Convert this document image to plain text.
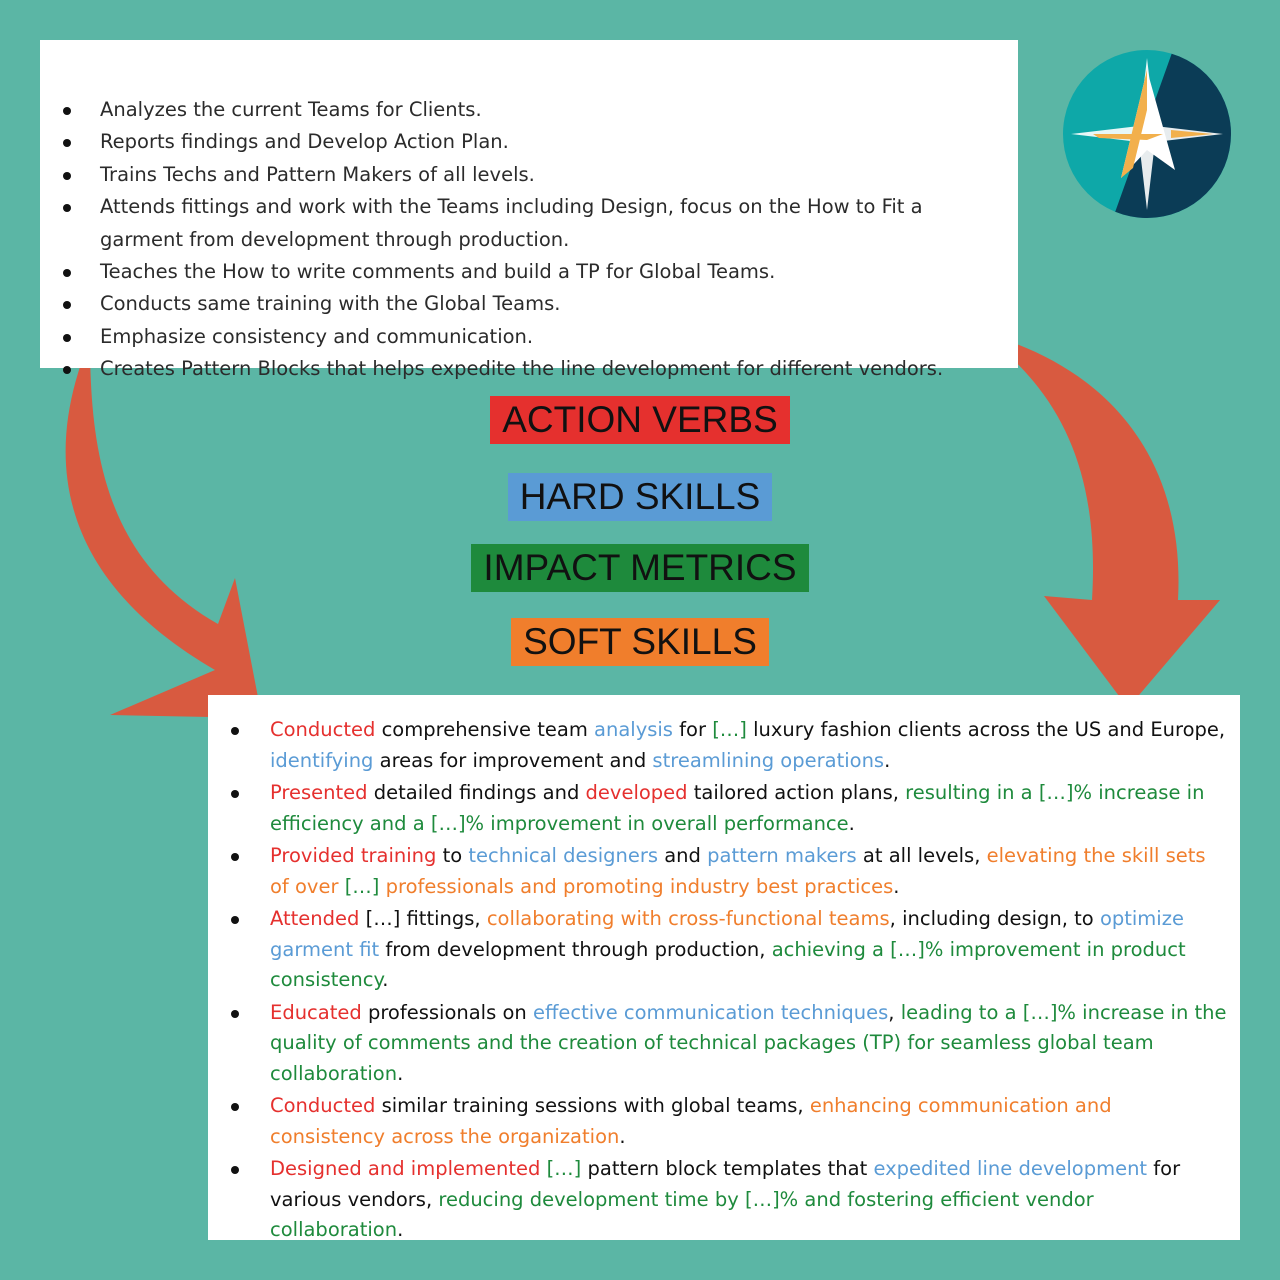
Analyzes the current Teams for Clients.
Reports findings and Develop Action Plan.
Trains Techs and Pattern Makers of all levels.
Attends fittings and work with the Teams including Design, focus on the How to Fit a garment from development through production.
Teaches the How to write comments and build a TP for Global Teams.
Conducts same training with the Global Teams.
Emphasize consistency and communication.
Creates Pattern Blocks that helps expedite the line development for different vendors.
ACTION VERBS
HARD SKILLS
IMPACT METRICS
SOFT SKILLS
Conducted comprehensive team analysis for […] luxury fashion clients across the US and Europe, identifying areas for improvement and streamlining operations.
Presented detailed findings and developed tailored action plans, resulting in a […]% increase in efficiency and a […]% improvement in overall performance.
Provided training to technical designers and pattern makers at all levels, elevating the skill sets of over […] professionals and promoting industry best practices.
Attended […] fittings, collaborating with cross-functional teams, including design, to optimize garment fit from development through production, achieving a […]% improvement in product consistency.
Educated professionals on effective communication techniques, leading to a […]% increase in the quality of comments and the creation of technical packages (TP) for seamless global team collaboration.
Conducted similar training sessions with global teams, enhancing communication and consistency across the organization.
Designed and implemented […] pattern block templates that expedited line development for various vendors, reducing development time by […]% and fostering efficient vendor collaboration.
